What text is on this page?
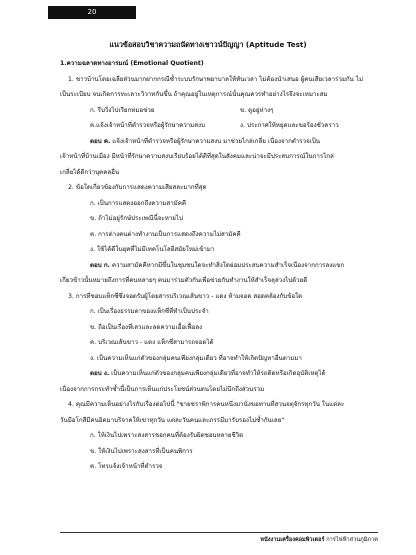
20
แนวข้อสอบวิชาความถนัดทางเชาวน์ปัญญา (Aptitude Test)
1.ความฉลาดทางอารมณ์ (Emotional Quotient)
1. ชาวบ้านโดยเฉลี่ยส่วนมากฝากกรณีซ้ำระบบรักษาพยาบาลให้ทันเวลา ไม่ต้องนำเสนอ ผู้คนเสียเวลาร่วมกัน ไม่
เป็นระเบียบ จนเกิดการทะเลาะวิวาทกันขึ้น ถ้าคุณอยู่ในเหตุการณ์นั้นคุณควรทำอย่างไรจึงจะเหมาะสม
ก. รีบวิ่งไปเรียกหมอช่วย	ข. ดูอยู่ห่างๆ
ค.แจ้งเจ้าหน้าที่ตำรวจหรือผู้รักษาความสงบ	ง. ประกาศให้หยุดและขอร้องชั่วคราว
ตอบ ค. แจ้งเจ้าหน้าที่ตำรวจหรือผู้รักษาความสงบ มาช่วยไกล่เกลี่ย เนื่องจากตำรวจเป็น
เจ้าหน้าที่บ้านเมือง มีหน้าที่รักษาความสงบเรียบร้อยได้ดีที่สุดในสังคมและน่าจะมีประสบการณ์ในการไกล่
เกลี่ยได้ดีกว่าบุคคลอื่น
2. ข้อใดเกี่ยวข้องกับการแสดงความเสียสละมากที่สุด
ก. เป็นการแสดงออกถึงความสามัคคี
ข. ถ้าไม่อยู่รักษ์ประเพณีนี้จะหายไป
ค. การต่างคนต่างทำงานเป็นการแสดงถึงความไม่สามัคคี
ง. ใช้ได้ดีในยุคที่ไม่มีเทคโนโลยีสมัยใหม่เข้ามา
ตอบ ก. ความสามัคคีหากมีขึ้นในชุมชนใดจะทำสิ่งใดย่อมประสบความสำเร็จเนื่องจากการลงแขก
เกี่ยวข้าวนั้นหมายถึงการที่คนหลายๆ คนมาร่วมตัวกันเพื่อช่วยกันทำงานให้สำเร็จลุล่วงไปด้วยดี
3. การที่ชอบแท็กซี่ซึ่งจอดรับผู้โดยสารบริเวณเส้นขาว - แดง ห้ามจอด สอดคล้องกับข้อใด
ก. เป็นเรื่องธรรมดาของแท็กซี่ที่ทำเป็นประจำ
ข. ถือเป็นเรื่องที่เลวและลดความเอื้อเฟื้อลง
ค. บริเวณเส้นขาว - แดง แท็กซี่สามารถจอดได้
ง. เป็นความเห็นแก่ตัวของกลุ่มคนเพียงกลุ่มเดียว ที่อาจทำให้เกิดปัญหาอื่นตามมา
ตอบ ง. เป็นความเห็นแก่ตัวของกลุ่มคนเพียงกลุ่มเดียวที่อาจทำให้รถติดหรือเกิดอุบัติเหตุได้
เนื่องจากการกระทำซ้ำนี้เป็นการเห็นแก่ประโยชน์ส่วนตนโดยไม่นึกถึงส่วนรวม
4. คุณมีความเห็นอย่างไรกับเรื่องต่อไปนี้ "ชายชราพิการคนหนึ่งมานั่งขอทานที่สวนจตุจักรทุกวัน ในแต่ละ
วันมีอโกสีมีคนอิดมาบริจาคให้เขาทุกวัน แต่ละวันคนและภรรมีมารับรองไม่ซ้ำกันเลย"
ก. ให้เงินไปเพราะสงสารชอกคนที่ต้องรับผิดชอบหลายชีวิต
ข. ให้เงินไปเพราะสงสารที่เป็นคนพิการ
ค. โทรแจ้งเจ้าหน้าที่ตำรวจ
หนังงานเครื่องคอมพิวเตอร์ การไฟฟ้าส่วนภูมิภาค
